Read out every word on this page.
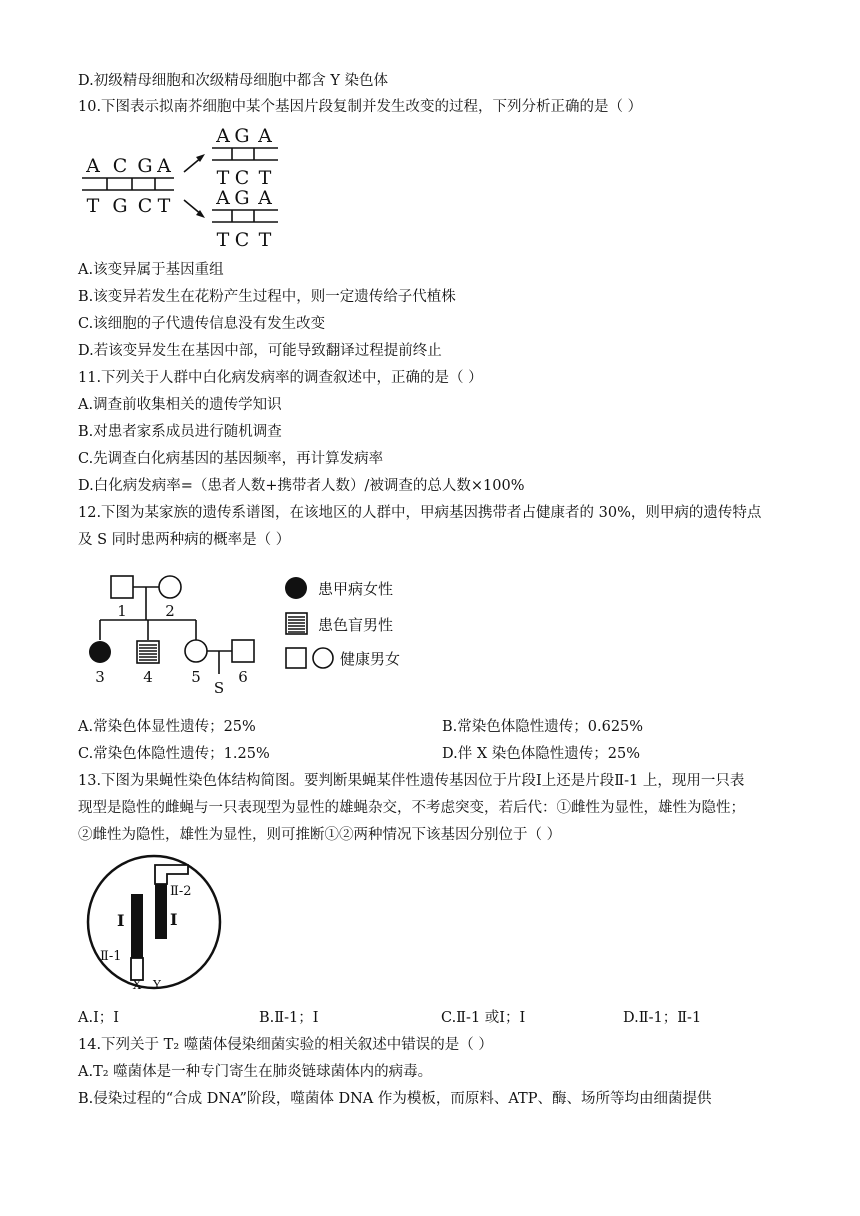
D.初级精母细胞和次级精母细胞中都含 Y 染色体
10.下图表示拟南芥细胞中某个基因片段复制并发生改变的过程，下列分析正确的是（ ）
A C G A
T G C T
A G A
T C T
A G A
T C T
A.该变异属于基因重组
B.该变异若发生在花粉产生过程中，则一定遗传给子代植株
C.该细胞的子代遗传信息没有发生改变
D.若该变异发生在基因中部，可能导致翻译过程提前终止
11.下列关于人群中白化病发病率的调查叙述中，正确的是（ ）
A.调查前收集相关的遗传学知识
B.对患者家系成员进行随机调查
C.先调查白化病基因的基因频率，再计算发病率
D.白化病发病率=（患者人数+携带者人数）/被调查的总人数×100%
12.下图为某家族的遗传系谱图，在该地区的人群中，甲病基因携带者占健康者的 30%，则甲病的遗传特点
及 S 同时患两种病的概率是（ ）
1	2
3	4	5 6
S
患甲病女性
患色盲男性
健康男女
A.常染色体显性遗传；25%	B.常染色体隐性遗传；0.625%
C.常染色体隐性遗传；1.25%	D.伴 X 染色体隐性遗传；25%
13.下图为果蝇性染色体结构简图。要判断果蝇某伴性遗传基因位于片段Ⅰ上还是片段Ⅱ-1 上，现用一只表
现型是隐性的雌蝇与一只表现型为显性的雄蝇杂交，不考虑突变，若后代：①雌性为显性，雄性为隐性；
②雌性为隐性，雄性为显性，则可推断①②两种情况下该基因分别位于（ ）
Ⅰ	Ⅰ
Ⅱ-2
Ⅱ-1
X Y
A.Ⅰ；Ⅰ	B.Ⅱ-1；Ⅰ	C.Ⅱ-1 或Ⅰ；Ⅰ	D.Ⅱ-1；Ⅱ-1
14.下列关于 T₂ 噬菌体侵染细菌实验的相关叙述中错误的是（ ）
A.T₂ 噬菌体是一种专门寄生在肺炎链球菌体内的病毒。
B.侵染过程的“合成 DNA”阶段，噬菌体 DNA 作为模板，而原料、ATP、酶、场所等均由细菌提供
